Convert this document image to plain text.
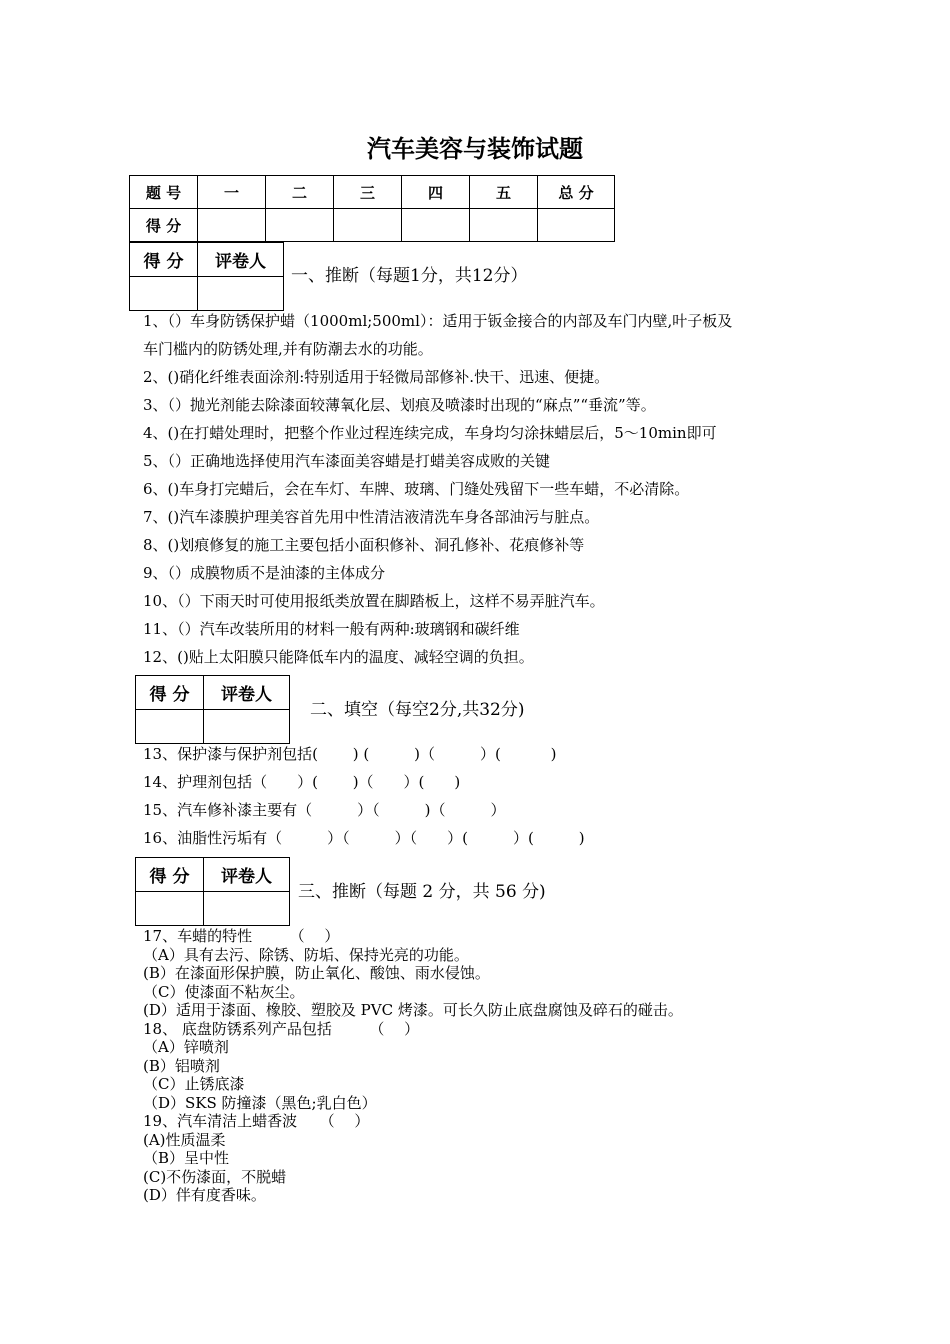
汽车美容与装饰试题
题 号	一	二	三	四	五	总 分
得 分						
得 分	评卷人

一、推断（每题1分，共12分）
1、（）车身防锈保护蜡（1000ml;500ml）：适用于钣金接合的内部及车门内壁,叶子板及
车门槛内的防锈处理,并有防潮去水的功能。
2、()硝化纤维表面涂剂:特别适用于轻微局部修补.快干、迅速、便捷。
3、（）抛光剂能去除漆面较薄氧化层、划痕及喷漆时出现的“麻点”“垂流”等。
4、()在打蜡处理时，把整个作业过程连续完成，车身均匀涂抹蜡层后，5～10min即可
5、（）正确地选择使用汽车漆面美容蜡是打蜡美容成败的关键
6、()车身打完蜡后，会在车灯、车牌、玻璃、门缝处残留下一些车蜡，不必清除。
7、()汽车漆膜护理美容首先用中性清洁液清洗车身各部油污与脏点。
8、()划痕修复的施工主要包括小面积修补、洞孔修补、花痕修补等
9、（）成膜物质不是油漆的主体成分
10、（）下雨天时可使用报纸类放置在脚踏板上，这样不易弄脏汽车。
11、（）汽车改装所用的材料一般有两种:玻璃钢和碳纤维
12、()贴上太阳膜只能降低车内的温度、减轻空调的负担。
得 分	评卷人

二、填空（每空2分,共32分)
13、保护漆与保护剂包括(　　 ) (　　　)（　　　）(　　　 )
14、护理剂包括（　　）(　　 )（　　）(　　)
15、汽车修补漆主要有（　　　）（　　　)（　　　）
16、油脂性污垢有（　　　）（　　　）（　　）(　　　）(　　　)
得 分	评卷人

三、推断（每题 2 分，共 56 分)
17、车蜡的特性　　　（　 ）
（A）具有去污、除锈、防垢、保持光亮的功能。
(B）在漆面形保护膜，防止氧化、酸蚀、雨水侵蚀。
（C）使漆面不粘灰尘。
(D）适用于漆面、橡胶、塑胶及 PVC 烤漆。可长久防止底盘腐蚀及碎石的碰击。
18、 底盘防锈系列产品包括　　　（　 ）
（A）锌喷剂
(B）铝喷剂
（C）止锈底漆
（D）SKS 防撞漆（黑色;乳白色）
19、汽车清洁上蜡香波　　（　 ）
(A)性质温柔
（B）呈中性
(C)不伤漆面，不脱蜡
(D）伴有度香味。
